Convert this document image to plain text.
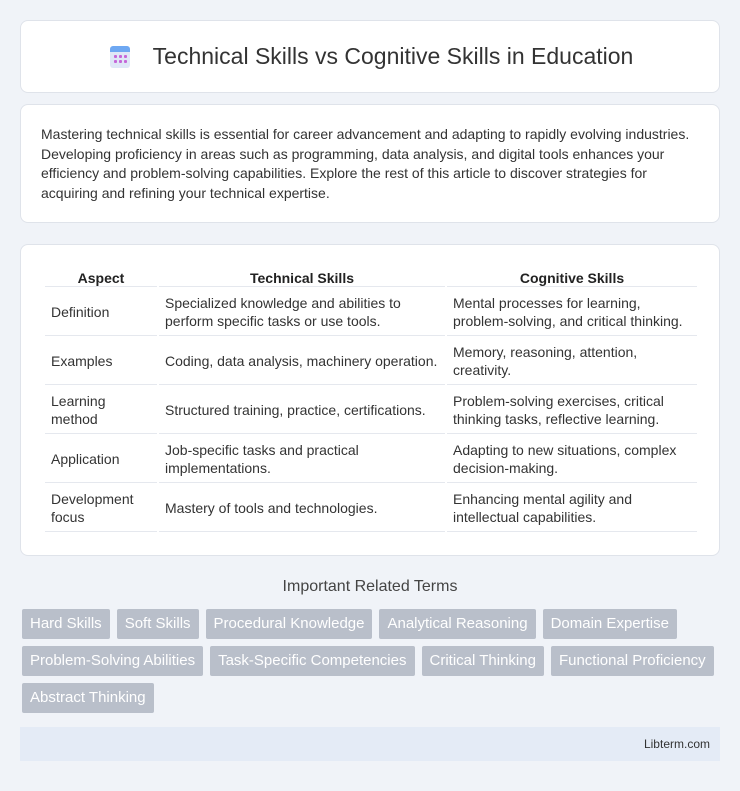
Technical Skills vs Cognitive Skills in Education

Mastering technical skills is essential for career advancement and adapting to rapidly evolving industries. Developing proficiency in areas such as programming, data analysis, and digital tools enhances your efficiency and problem-solving capabilities. Explore the rest of this article to discover strategies for acquiring and refining your technical expertise.

Aspect	Technical Skills	Cognitive Skills
Definition	Specialized knowledge and abilities to perform specific tasks or use tools.	Mental processes for learning, problem-solving, and critical thinking.
Examples	Coding, data analysis, machinery operation.	Memory, reasoning, attention, creativity.
Learning method	Structured training, practice, certifications.	Problem-solving exercises, critical thinking tasks, reflective learning.
Application	Job-specific tasks and practical implementations.	Adapting to new situations, complex decision-making.
Development focus	Mastery of tools and technologies.	Enhancing mental agility and intellectual capabilities.
Important Related Terms
Hard Skills	Soft Skills	Procedural Knowledge	Analytical Reasoning	Domain Expertise
Problem-Solving Abilities	Task-Specific Competencies	Critical Thinking	Functional Proficiency
Abstract Thinking
Libterm.com
